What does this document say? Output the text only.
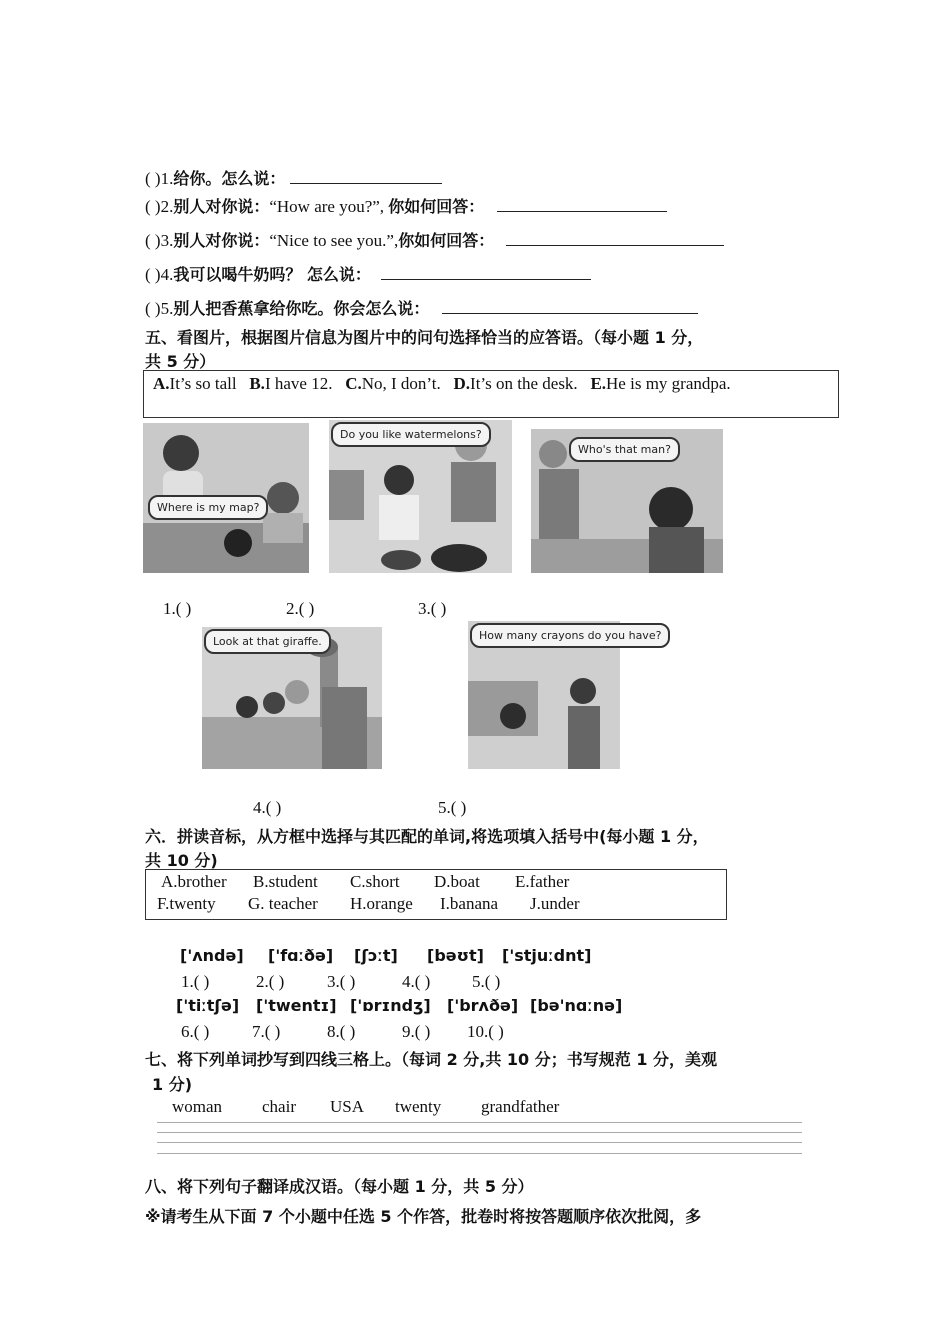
( )1.给你。怎么说：
( )2.别人对你说：“How are you?”, 你如何回答：
( )3.别人对你说：“Nice to see you.”,你如何回答：
( )4.我可以喝牛奶吗？ 怎么说：
( )5.别人把香蕉拿给你吃。你会怎么说：
五、看图片，根据图片信息为图片中的问句选择恰当的应答语。（每小题 1 分，
共 5 分）
A.It’s so tall B.I have 12. C.No, I don’t. D.It’s on the desk. E.He is my grandpa.
Where is my map?
Do you like watermelons?
Who's that man?
1.( )	2.( )	3.( )
Look at that giraffe.	How many crayons do you have?
4.( )	5.( )
六．拼读音标，从方框中选择与其匹配的单词,将选项填入括号中(每小题 1 分，
共 10 分)
A.brother B.student C.short D.boat E.father
F.twenty G. teacher H.orange I.banana J.under
['ʌndə] ['fɑːðə] [ʃɔːt] [bəʊt] ['stjuːdnt]
1.( )	2.( )	3.( )	4.( ) 5.( )
['tiːtʃə] ['twentɪ] ['ɒrɪndʒ] ['brʌðə] [bə'nɑːnə]
6.( )	7.( )	8.( )	9.( ) 10.( )
七、将下列单词抄写到四线三格上。（每词 2 分,共 10 分；书写规范 1 分，美观
1 分)
woman chair USA twenty grandfather
八、将下列句子翻译成汉语。（每小题 1 分，共 5 分）
※请考生从下面 7 个小题中任选 5 个作答，批卷时将按答题顺序依次批阅，多
